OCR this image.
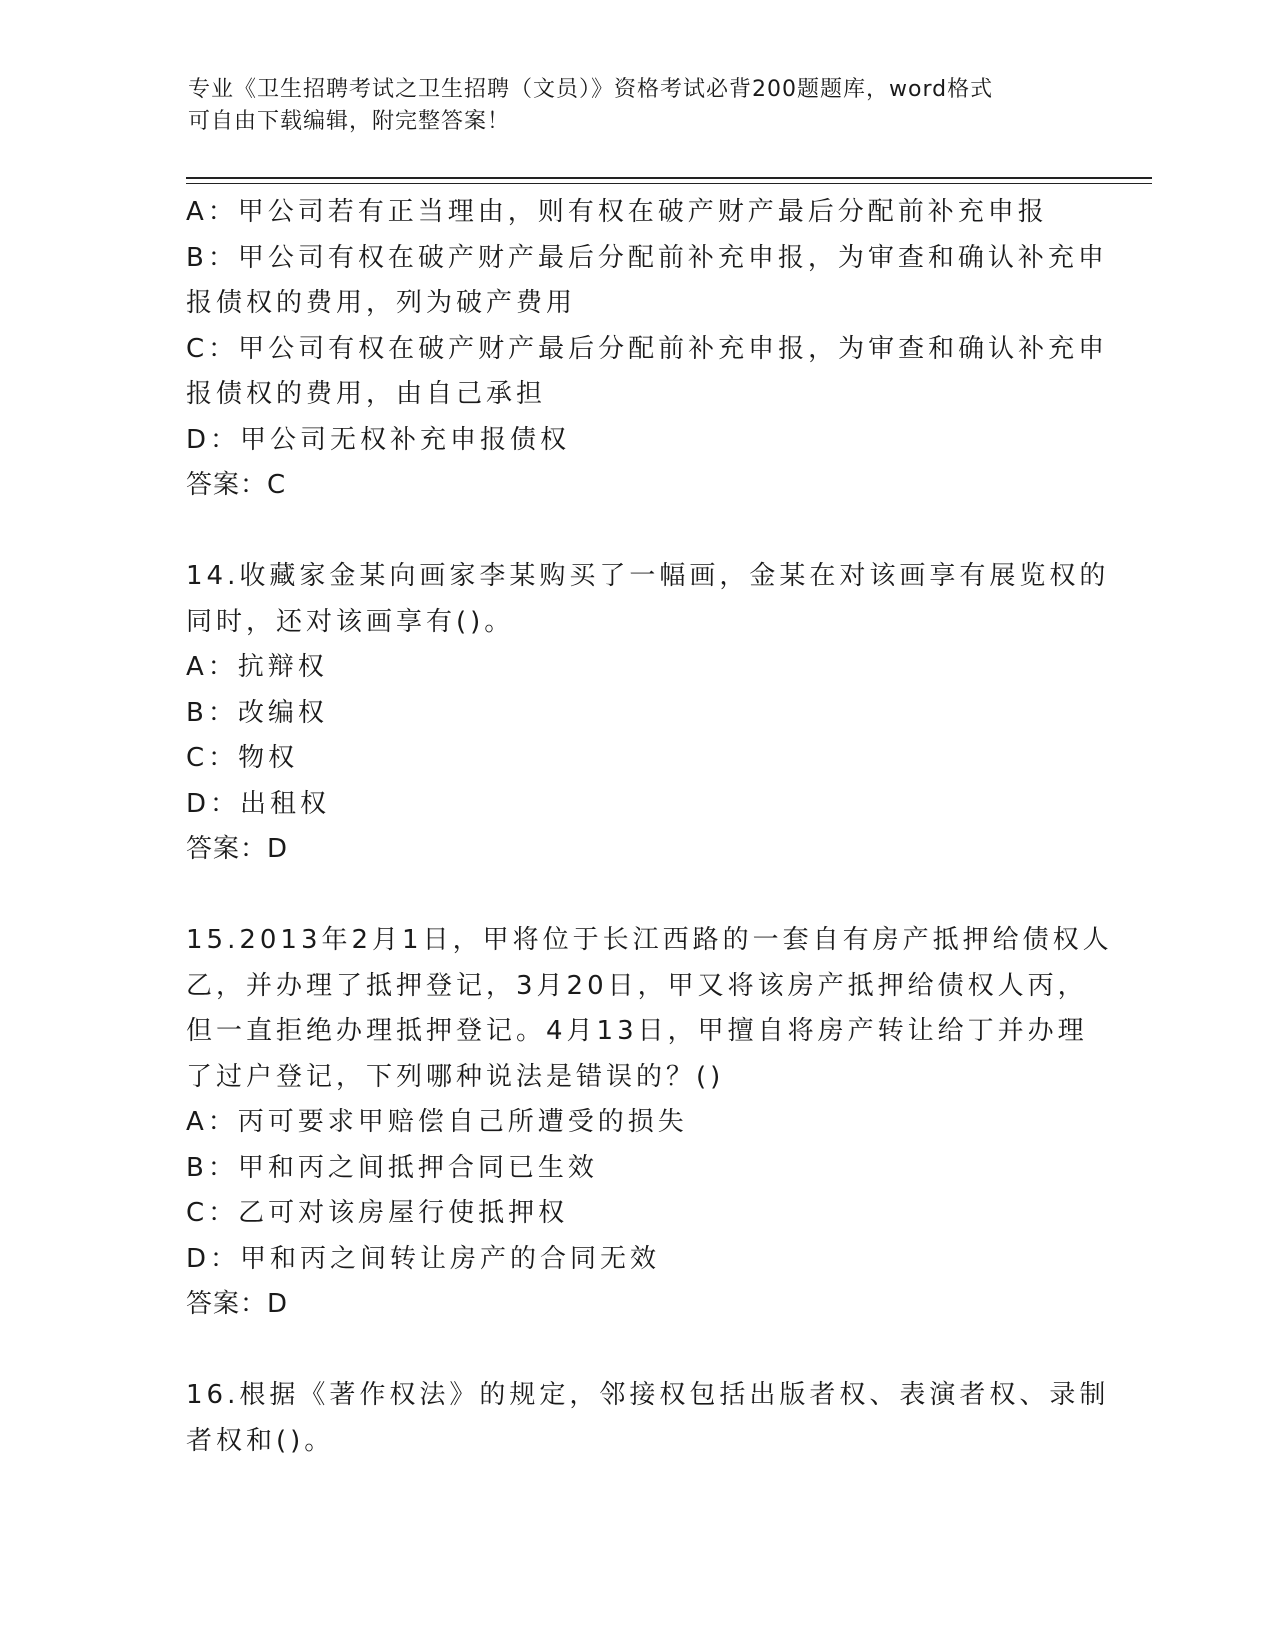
专业《卫生招聘考试之卫生招聘（文员）》资格考试必背200题题库，word格式
可自由下载编辑，附完整答案！
A：甲公司若有正当理由，则有权在破产财产最后分配前补充申报
B：甲公司有权在破产财产最后分配前补充申报，为审查和确认补充申
报债权的费用，列为破产费用
C：甲公司有权在破产财产最后分配前补充申报，为审查和确认补充申
报债权的费用，由自己承担
D：甲公司无权补充申报债权
答案：C
14.收藏家金某向画家李某购买了一幅画，金某在对该画享有展览权的
同时，还对该画享有()。
A：抗辩权
B：改编权
C：物权
D：出租权
答案：D
15.2013年2月1日，甲将位于长江西路的一套自有房产抵押给债权人
乙，并办理了抵押登记，3月20日，甲又将该房产抵押给债权人丙，
但一直拒绝办理抵押登记。4月13日，甲擅自将房产转让给丁并办理
了过户登记，下列哪种说法是错误的？()
A：丙可要求甲赔偿自己所遭受的损失
B：甲和丙之间抵押合同已生效
C：乙可对该房屋行使抵押权
D：甲和丙之间转让房产的合同无效
答案：D
16.根据《著作权法》的规定，邻接权包括出版者权、表演者权、录制
者权和()。
